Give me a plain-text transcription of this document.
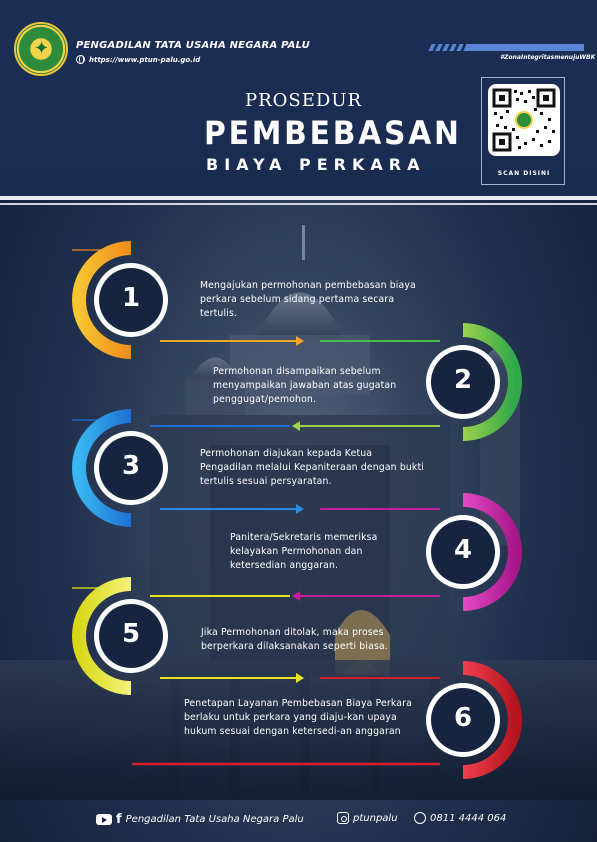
✦	PENGADILAN TATA USAHA NEGARA PALU
https://www.ptun-palu.go.id	#ZonaIntegritasmenujuWBK
PROSEDUR
PEMBEBASAN
BIAYA PERKARA	SCAN DISINI
1
2
3
4
5
6
Mengajukan permohonan pembebasan biaya perkara sebelum sidang pertama secara tertulis.
Permohonan disampaikan sebelum menyampaikan jawaban atas gugatan penggugat/pemohon.
Permohonan diajukan kepada Ketua Pengadilan melalui Kepaniteraan dengan bukti tertulis sesuai persyaratan.
Panitera/Sekretaris memeriksa kelayakan Permohonan dan ketersedian anggaran.
Jika Permohonan ditolak, maka proses berperkara dilaksanakan seperti biasa.
Penetapan Layanan Pembebasan Biaya Perkara berlaku untuk perkara yang diaju-kan upaya hukum sesuai dengan ketersedi-an anggaran
f Pengadilan Tata Usaha Negara Palu	ptunpalu	0811 4444 064
